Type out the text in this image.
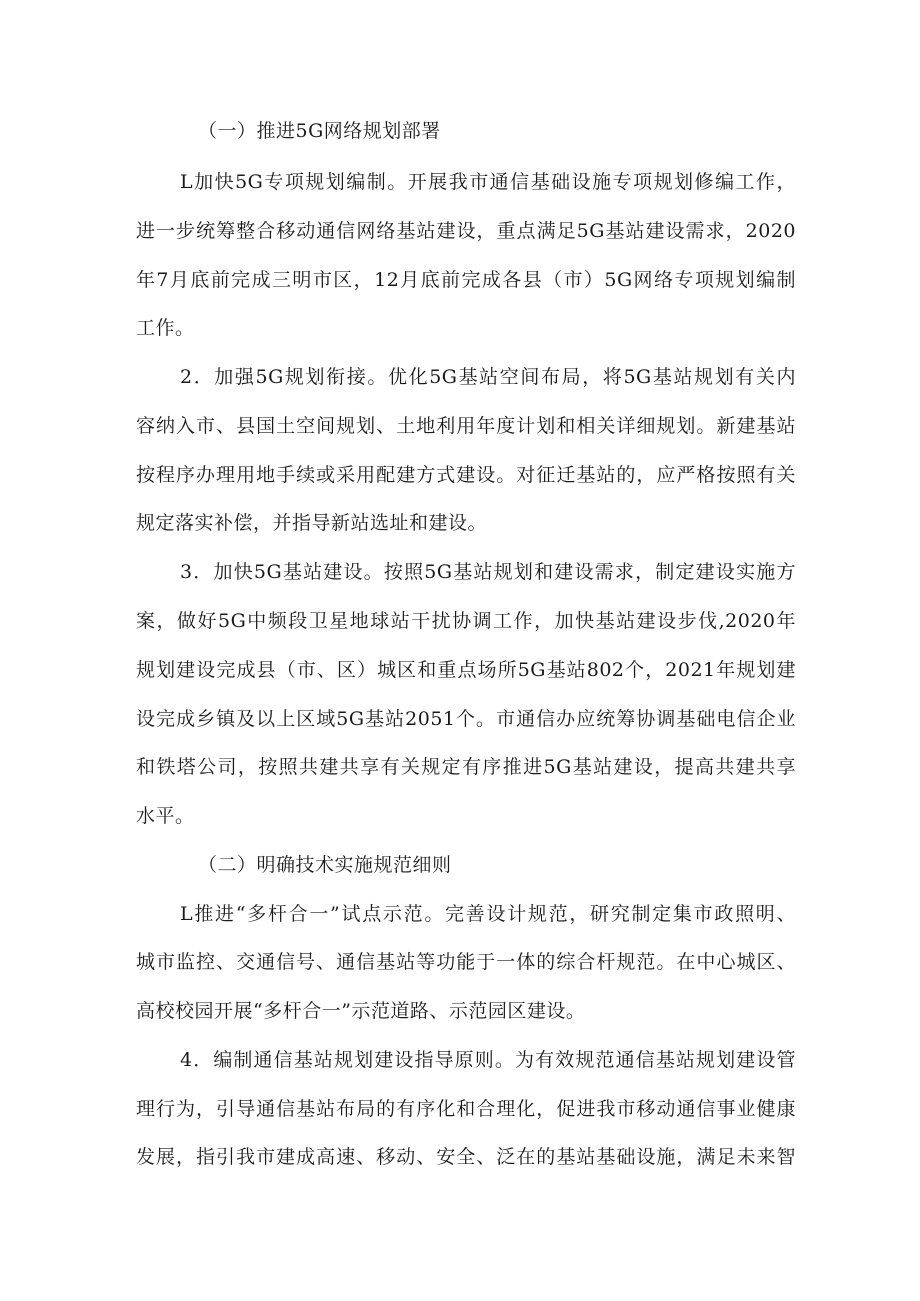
（一）推进5G网络规划部署
L加快5G专项规划编制。开展我市通信基础设施专项规划修编工作，
进一步统筹整合移动通信网络基站建设，重点满足5G基站建设需求，2020
年7月底前完成三明市区，12月底前完成各县（市）5G网络专项规划编制
工作。
2．加强5G规划衔接。优化5G基站空间布局，将5G基站规划有关内
容纳入市、县国土空间规划、土地利用年度计划和相关详细规划。新建基站
按程序办理用地手续或采用配建方式建设。对征迁基站的，应严格按照有关
规定落实补偿，并指导新站选址和建设。
3．加快5G基站建设。按照5G基站规划和建设需求，制定建设实施方
案，做好5G中频段卫星地球站干扰协调工作，加快基站建设步伐,2020年
规划建设完成县（市、区）城区和重点场所5G基站802个，2021年规划建
设完成乡镇及以上区域5G基站2051个。市通信办应统筹协调基础电信企业
和铁塔公司，按照共建共享有关规定有序推进5G基站建设，提高共建共享
水平。
（二）明确技术实施规范细则
L推进“多杆合一”试点示范。完善设计规范，研究制定集市政照明、
城市监控、交通信号、通信基站等功能于一体的综合杆规范。在中心城区、
高校校园开展“多杆合一”示范道路、示范园区建设。
4．编制通信基站规划建设指导原则。为有效规范通信基站规划建设管
理行为，引导通信基站布局的有序化和合理化，促进我市移动通信事业健康
发展，指引我市建成高速、移动、安全、泛在的基站基础设施，满足未来智
